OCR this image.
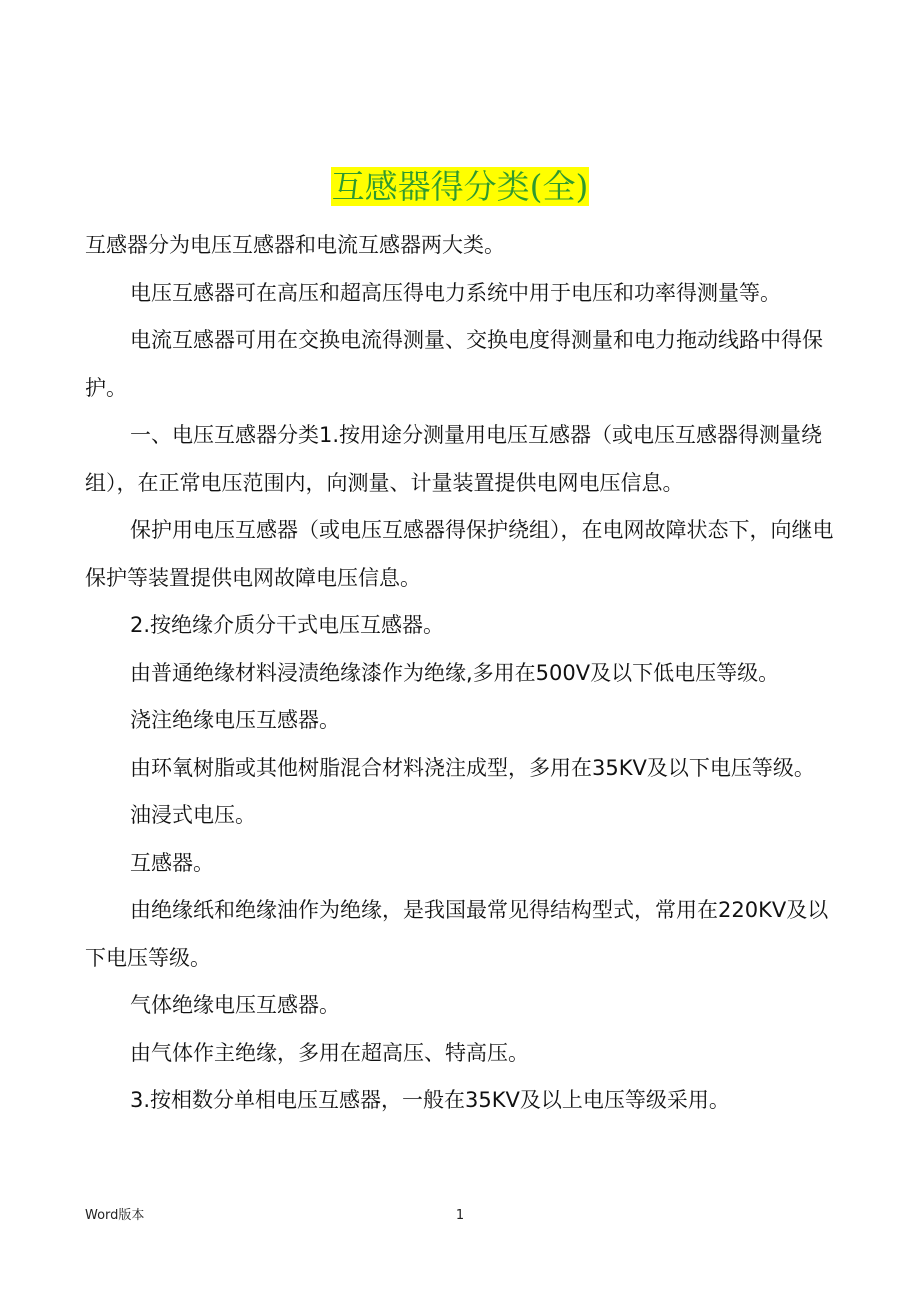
互感器得分类(全)

互感器分为电压互感器和电流互感器两大类。

电压互感器可在高压和超高压得电力系统中用于电压和功率得测量等。

电流互感器可用在交换电流得测量、交换电度得测量和电力拖动线路中得保护。

一、电压互感器分类1.按用途分测量用电压互感器（或电压互感器得测量绕组），在正常电压范围内，向测量、计量装置提供电网电压信息。

保护用电压互感器（或电压互感器得保护绕组），在电网故障状态下，向继电保护等装置提供电网故障电压信息。

2.按绝缘介质分干式电压互感器。

由普通绝缘材料浸渍绝缘漆作为绝缘,多用在500V及以下低电压等级。

浇注绝缘电压互感器。

由环氧树脂或其他树脂混合材料浇注成型，多用在35KV及以下电压等级。

油浸式电压。

互感器。

由绝缘纸和绝缘油作为绝缘，是我国最常见得结构型式，常用在220KV及以下电压等级。

气体绝缘电压互感器。

由气体作主绝缘，多用在超高压、特高压。

3.按相数分单相电压互感器，一般在35KV及以上电压等级采用。

Word版本	1
